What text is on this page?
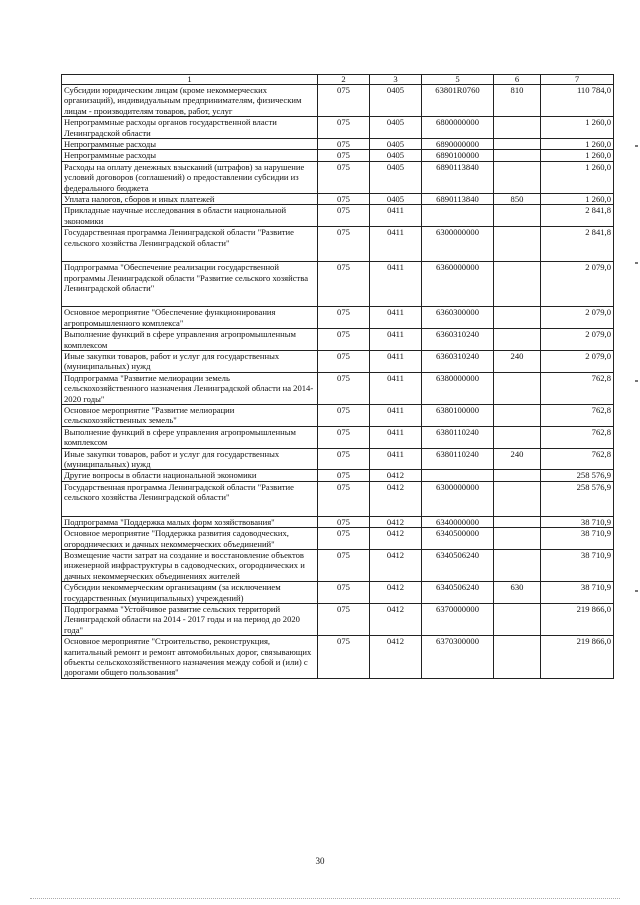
1	2	3	5	6	7
Субсидии юридическим лицам (кроме некоммерческих организаций), индивидуальным предпринимателям, физическим лицам - производителям товаров, работ, услуг	075	0405	63801R0760	810	110 784,0
Непрограммные расходы органов государственной власти Ленинградской области	075	0405	6800000000		1 260,0
Непрограммные расходы	075	0405	6890000000		1 260,0
Непрограммные расходы	075	0405	6890100000		1 260,0
Расходы на оплату денежных взысканий (штрафов) за нарушение условий договоров (соглашений) о предоставлении субсидии из федерального бюджета	075	0405	6890113840		1 260,0
Уплата налогов, сборов и иных платежей	075	0405	6890113840	850	1 260,0
Прикладные научные исследования в области национальной экономики	075	0411			2 841,8
Государственная программа Ленинградской области "Развитие сельского хозяйства Ленинградской области"	075	0411	6300000000		2 841,8
Подпрограмма "Обеспечение реализации государственной программы Ленинградской области "Развитие сельского хозяйства Ленинградской области"	075	0411	6360000000		2 079,0
Основное мероприятие "Обеспечение функционирования агропромышленного комплекса"	075	0411	6360300000		2 079,0
Выполнение функций в сфере управления агропромышленным комплексом	075	0411	6360310240		2 079,0
Иные закупки товаров, работ и услуг для государственных (муниципальных) нужд	075	0411	6360310240	240	2 079,0
Подпрограмма "Развитие мелиорации земель сельскохозяйственного назначения Ленинградской области на 2014-2020 годы"	075	0411	6380000000		762,8
Основное мероприятие "Развитие мелиорации сельскохозяйственных земель"	075	0411	6380100000		762,8
Выполнение функций в сфере управления агропромышленным комплексом	075	0411	6380110240		762,8
Иные закупки товаров, работ и услуг для государственных (муниципальных) нужд	075	0411	6380110240	240	762,8
Другие вопросы в области национальной экономики	075	0412			258 576,9
Государственная программа Ленинградской области "Развитие сельского хозяйства Ленинградской области"	075	0412	6300000000		258 576,9
Подпрограмма "Поддержка малых форм хозяйствования"	075	0412	6340000000		38 710,9
Основное мероприятие "Поддержка развития садоводческих, огороднических и дачных некоммерческих объединений"	075	0412	6340500000		38 710,9
Возмещение части затрат на создание и восстановление объектов инженерной инфраструктуры в садоводческих, огороднических и дачных некоммерческих объединениях жителей	075	0412	6340506240		38 710,9
Субсидии некоммерческим организациям (за исключением государственных (муниципальных) учреждений)	075	0412	6340506240	630	38 710,9
Подпрограмма "Устойчивое развитие сельских территорий Ленинградской области на 2014 - 2017 годы и на период до 2020 года"	075	0412	6370000000		219 866,0
Основное мероприятие "Строительство, реконструкция, капитальный ремонт и ремонт автомобильных дорог, связывающих объекты сельскохозяйственного назначения между собой и (или) с дорогами общего пользования"	075	0412	6370300000		219 866,0
30
